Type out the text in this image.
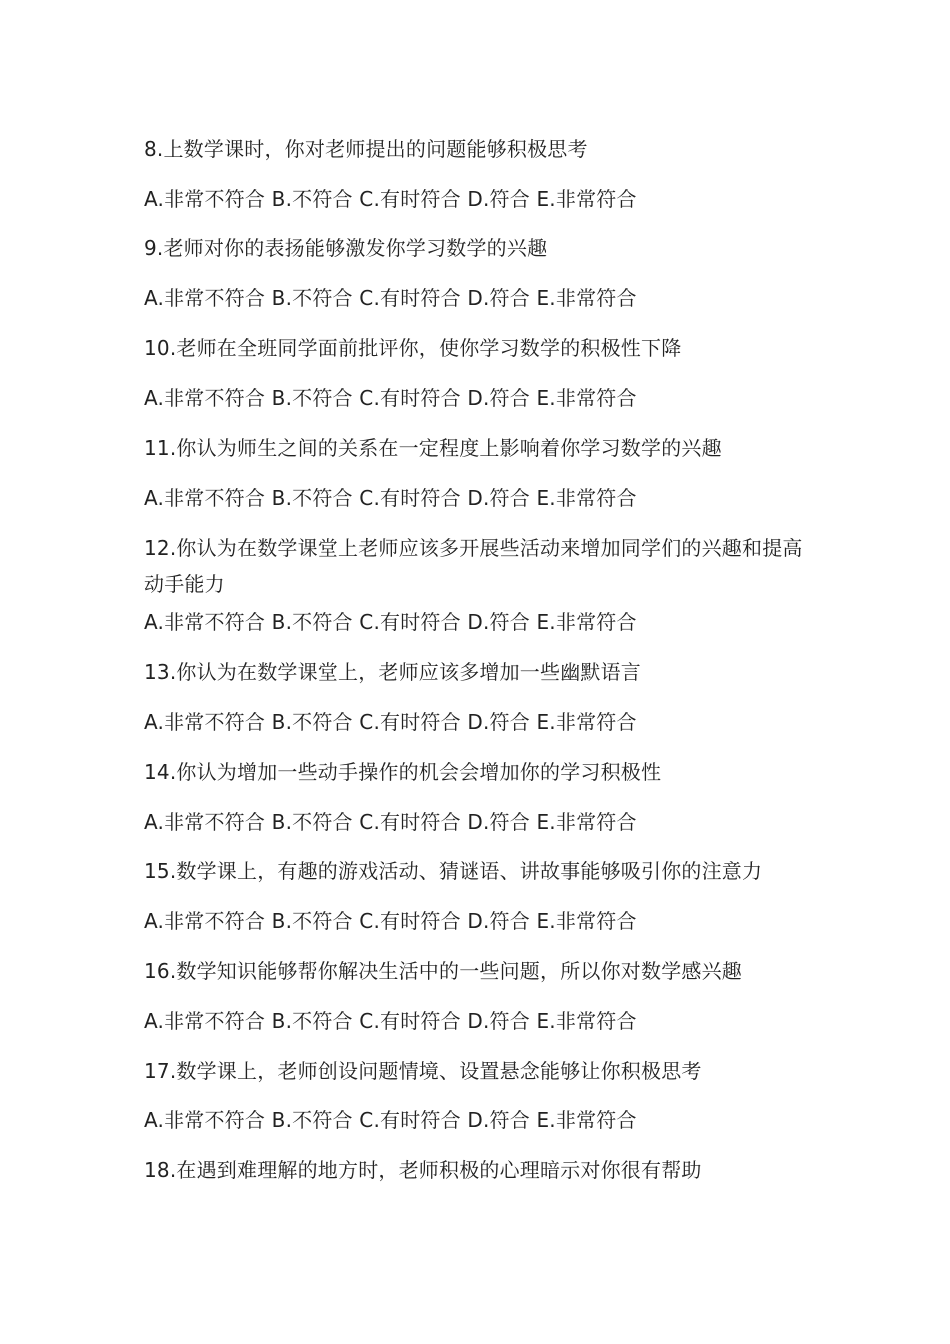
8.上数学课时，你对老师提出的问题能够积极思考
A.非常不符合 B.不符合 C.有时符合 D.符合 E.非常符合
9.老师对你的表扬能够激发你学习数学的兴趣
A.非常不符合 B.不符合 C.有时符合 D.符合 E.非常符合
10.老师在全班同学面前批评你，使你学习数学的积极性下降
A.非常不符合 B.不符合 C.有时符合 D.符合 E.非常符合
11.你认为师生之间的关系在一定程度上影响着你学习数学的兴趣
A.非常不符合 B.不符合 C.有时符合 D.符合 E.非常符合
12.你认为在数学课堂上老师应该多开展些活动来增加同学们的兴趣和提高动手能力
A.非常不符合 B.不符合 C.有时符合 D.符合 E.非常符合
13.你认为在数学课堂上，老师应该多增加一些幽默语言
A.非常不符合 B.不符合 C.有时符合 D.符合 E.非常符合
14.你认为增加一些动手操作的机会会增加你的学习积极性
A.非常不符合 B.不符合 C.有时符合 D.符合 E.非常符合
15.数学课上，有趣的游戏活动、猜谜语、讲故事能够吸引你的注意力
A.非常不符合 B.不符合 C.有时符合 D.符合 E.非常符合
16.数学知识能够帮你解决生活中的一些问题，所以你对数学感兴趣
A.非常不符合 B.不符合 C.有时符合 D.符合 E.非常符合
17.数学课上，老师创设问题情境、设置悬念能够让你积极思考
A.非常不符合 B.不符合 C.有时符合 D.符合 E.非常符合
18.在遇到难理解的地方时，老师积极的心理暗示对你很有帮助
